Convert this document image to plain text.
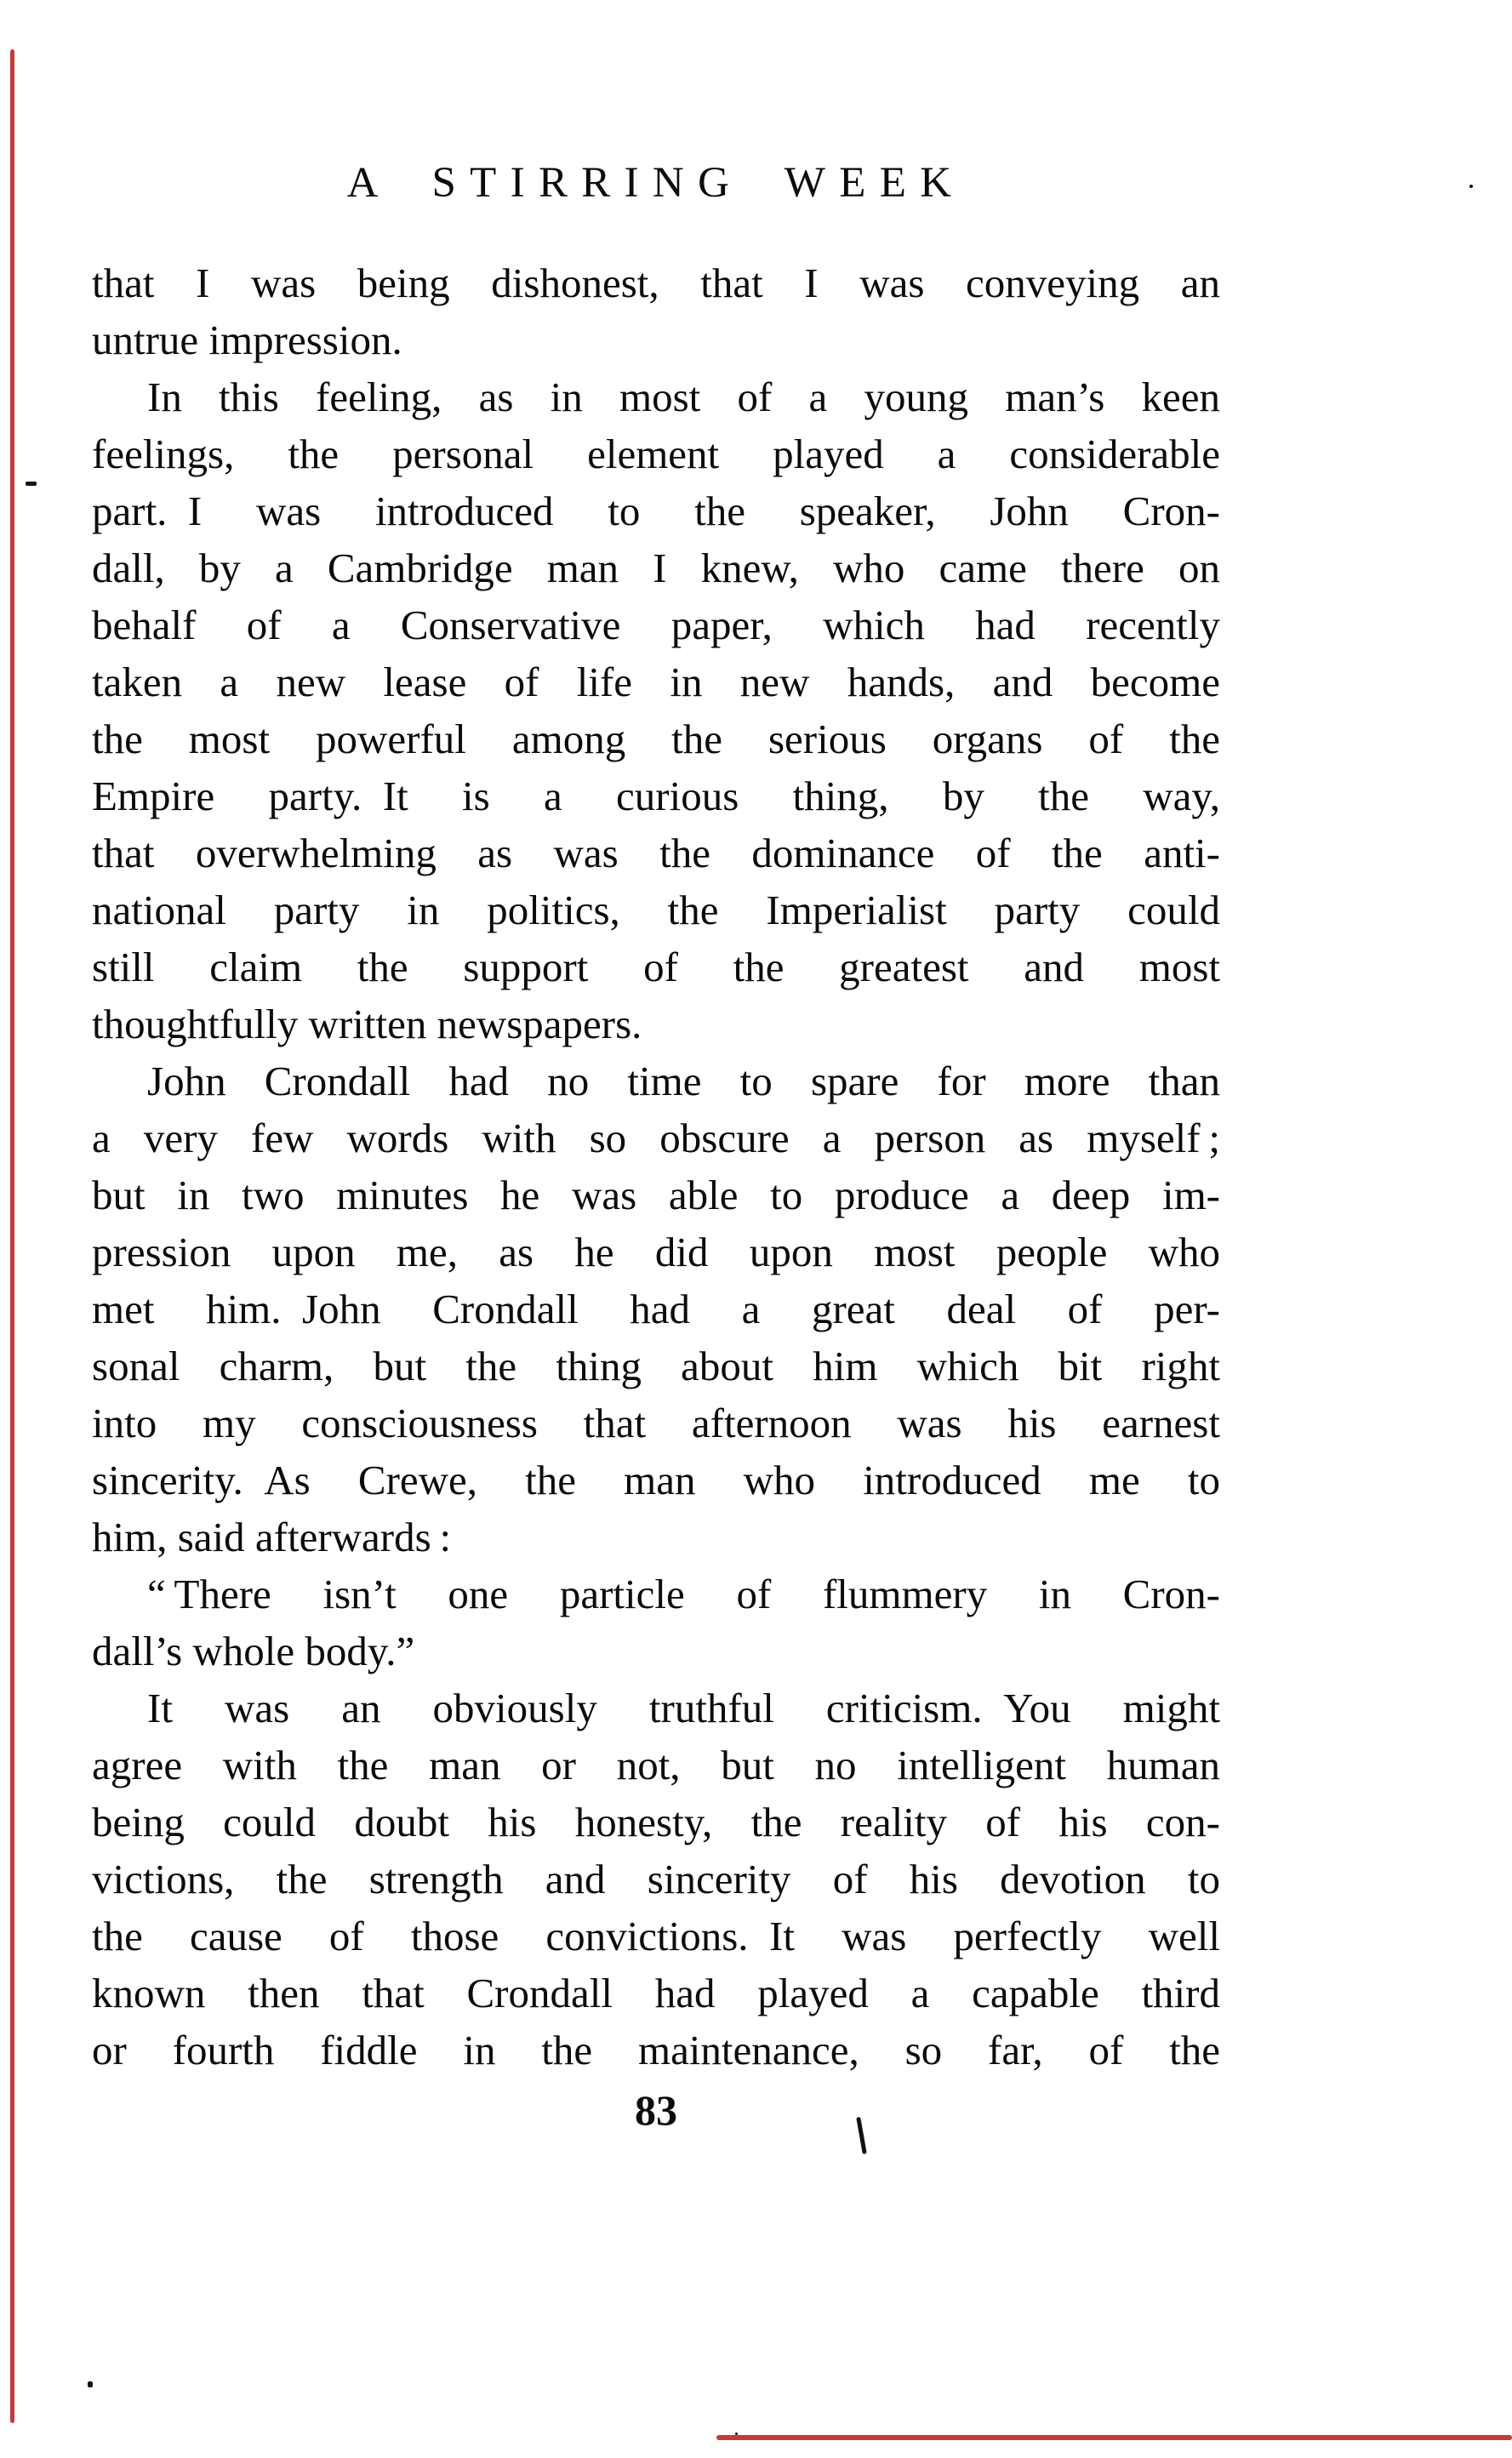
A STIRRING WEEK

that I was being dishonest, that I was conveying an

untrue impression.

In this feeling, as in most of a young man’s keen

feelings, the personal element played a considerable

part. I was introduced to the speaker, John Cron-

dall, by a Cambridge man I knew, who came there on

behalf of a Conservative paper, which had recently

taken a new lease of life in new hands, and become

the most powerful among the serious organs of the

Empire party. It is a curious thing, by the way,

that overwhelming as was the dominance of the anti-

national party in politics, the Imperialist party could

still claim the support of the greatest and most

thoughtfully written newspapers.

John Crondall had no time to spare for more than

a very few words with so obscure a person as myself ;

but in two minutes he was able to produce a deep im-

pression upon me, as he did upon most people who

met him. John Crondall had a great deal of per-

sonal charm, but the thing about him which bit right

into my consciousness that afternoon was his earnest

sincerity. As Crewe, the man who introduced me to

him, said afterwards :

“ There isn’t one particle of flummery in Cron-

dall’s whole body.”

It was an obviously truthful criticism. You might

agree with the man or not, but no intelligent human

being could doubt his honesty, the reality of his con-

victions, the strength and sincerity of his devotion to

the cause of those convictions. It was perfectly well

known then that Crondall had played a capable third

or fourth fiddle in the maintenance, so far, of the

83
